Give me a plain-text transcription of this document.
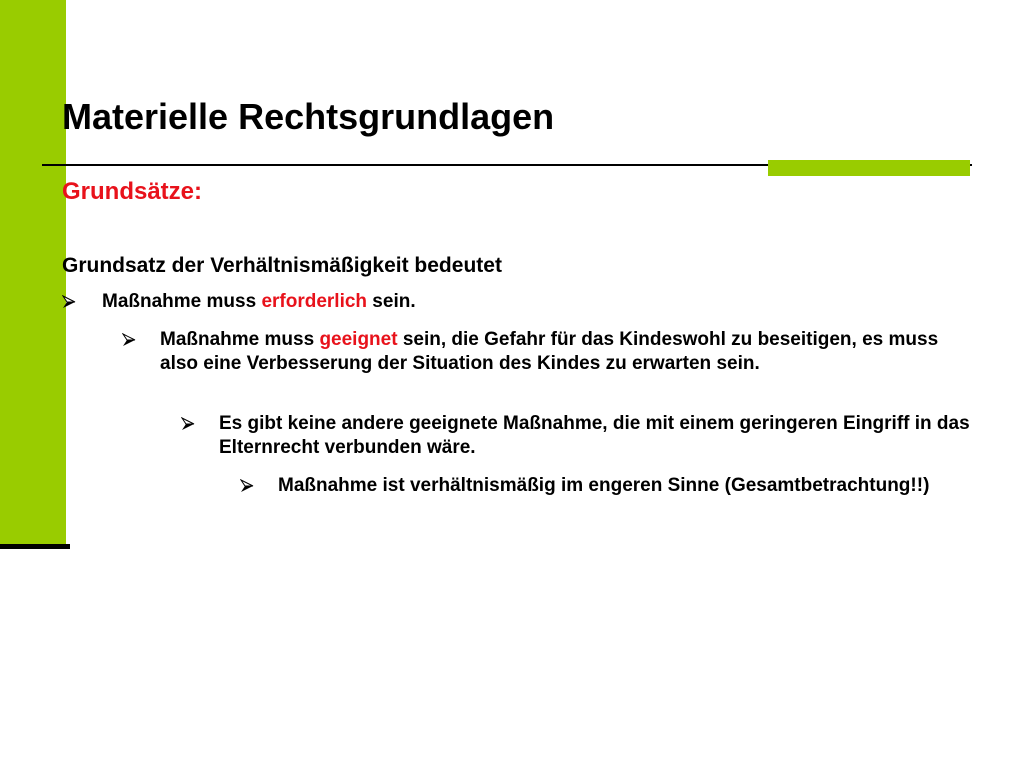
Materielle Rechtsgrundlagen
Grundsätze:
Grundsatz der Verhältnismäßigkeit bedeutet
Maßnahme muss erforderlich sein.
Maßnahme muss geeignet sein, die Gefahr für das Kindeswohl zu beseitigen, es muss also eine Verbesserung der Situation des Kindes zu erwarten sein.
Es gibt keine andere geeignete Maßnahme, die mit einem geringeren Eingriff in das Elternrecht verbunden wäre.
Maßnahme ist verhältnismäßig im engeren Sinne (Gesamtbetrachtung!!)
